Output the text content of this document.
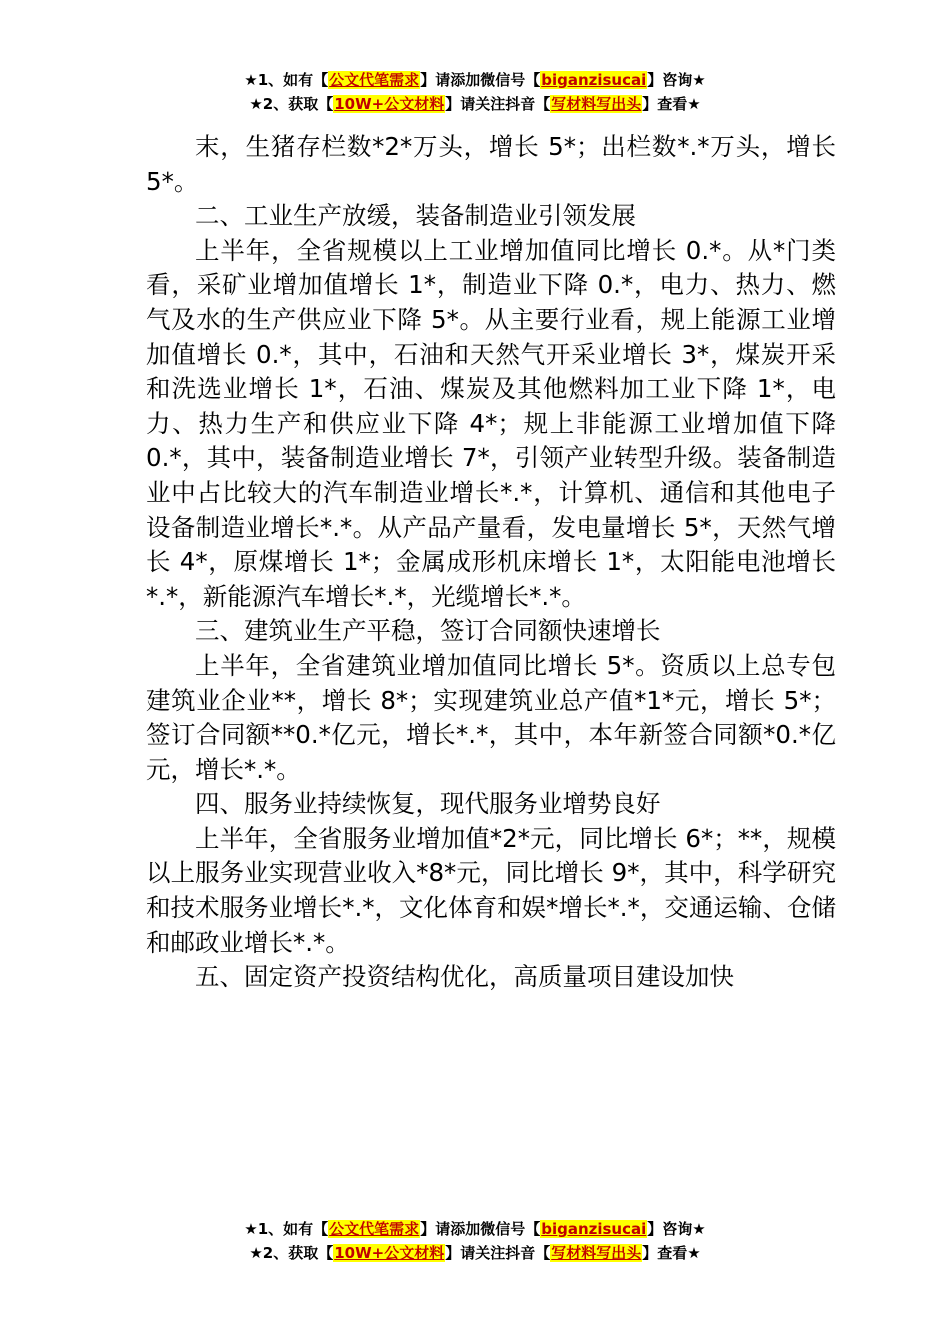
★1、如有【公文代笔需求】请添加微信号【biganzisucai】咨询★
★2、获取【10W+公文材料】请关注抖音【写材料写出头】查看★

末，生猪存栏数*2*万头，增长 5*；出栏数*.*万头，增长 5*。

二、工业生产放缓，装备制造业引领发展

上半年，全省规模以上工业增加值同比增长 0.*。从*门类看，采矿业增加值增长 1*，制造业下降 0.*，电力、热力、燃气及水的生产供应业下降 5*。从主要行业看，规上能源工业增加值增长 0.*，其中，石油和天然气开采业增长 3*，煤炭开采和洗选业增长 1*，石油、煤炭及其他燃料加工业下降 1*，电力、热力生产和供应业下降 4*；规上非能源工业增加值下降 0.*，其中，装备制造业增长 7*，引领产业转型升级。装备制造业中占比较大的汽车制造业增长*.*，计算机、通信和其他电子设备制造业增长*.*。从产品产量看，发电量增长 5*，天然气增长 4*，原煤增长 1*；金属成形机床增长 1*，太阳能电池增长*.*，新能源汽车增长*.*，光缆增长*.*。

三、建筑业生产平稳，签订合同额快速增长

上半年，全省建筑业增加值同比增长 5*。资质以上总专包建筑业企业**，增长 8*；实现建筑业总产值*1*元，增长 5*；签订合同额**0.*亿元，增长*.*，其中，本年新签合同额*0.*亿元，增长*.*。

四、服务业持续恢复，现代服务业增势良好

上半年，全省服务业增加值*2*元，同比增长 6*；**，规模以上服务业实现营业收入*8*元，同比增长 9*，其中，科学研究和技术服务业增长*.*，文化体育和娱*增长*.*，交通运输、仓储和邮政业增长*.*。

五、固定资产投资结构优化，高质量项目建设加快

★1、如有【公文代笔需求】请添加微信号【biganzisucai】咨询★
★2、获取【10W+公文材料】请关注抖音【写材料写出头】查看★
